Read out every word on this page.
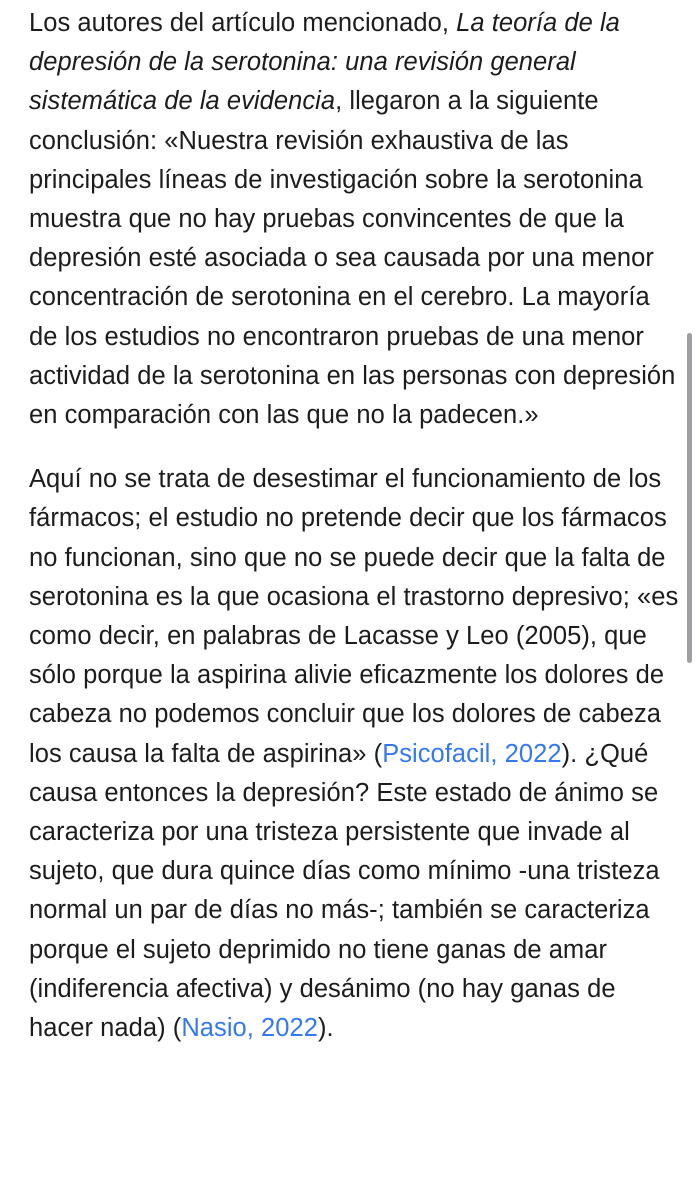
Los autores del artículo mencionado, La teoría de la depresión de la serotonina: una revisión general sistemática de la evidencia, llegaron a la siguiente conclusión: «Nuestra revisión exhaustiva de las principales líneas de investigación sobre la serotonina muestra que no hay pruebas convincentes de que la depresión esté asociada o sea causada por una menor concentración de serotonina en el cerebro. La mayoría de los estudios no encontraron pruebas de una menor actividad de la serotonina en las personas con depresión en comparación con las que no la padecen.»

Aquí no se trata de desestimar el funcionamiento de los fármacos; el estudio no pretende decir que los fármacos no funcionan, sino que no se puede decir que la falta de serotonina es la que ocasiona el trastorno depresivo; «es como decir, en palabras de Lacasse y Leo (2005), que sólo porque la aspirina alivie eficazmente los dolores de cabeza no podemos concluir que los dolores de cabeza los causa la falta de aspirina» (Psicofacil, 2022). ¿Qué causa entonces la depresión? Este estado de ánimo se caracteriza por una tristeza persistente que invade al sujeto, que dura quince días como mínimo -una tristeza normal un par de días no más-; también se caracteriza porque el sujeto deprimido no tiene ganas de amar (indiferencia afectiva) y desánimo (no hay ganas de hacer nada) (Nasio, 2022).
